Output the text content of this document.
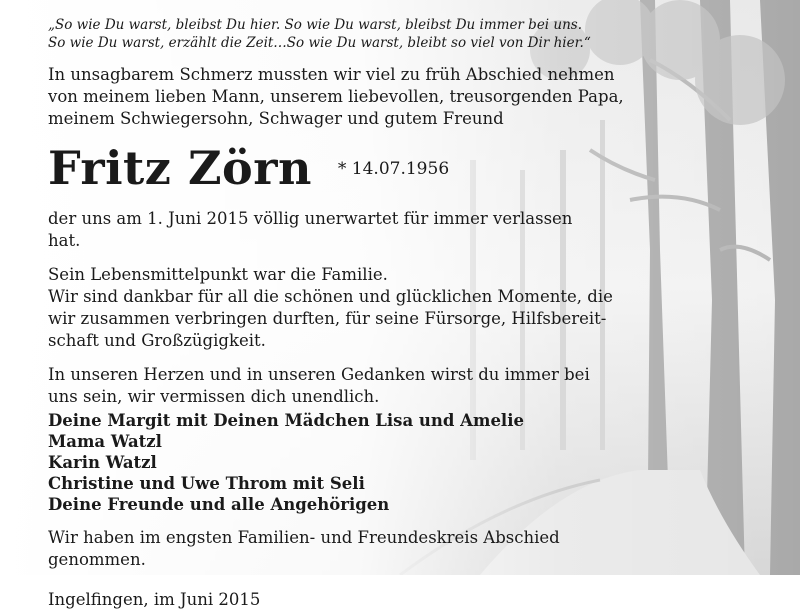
„So wie Du warst, bleibst Du hier. So wie Du warst, bleibst Du immer bei uns.
So wie Du warst, erzählt die Zeit…So wie Du warst, bleibt so viel von Dir hier.“

In unsagbarem Schmerz mussten wir viel zu früh Abschied nehmen
von meinem lieben Mann, unserem liebevollen, treusorgenden Papa,
meinem Schwiegersohn, Schwager und gutem Freund

Fritz Zörn * 14.07.1956

der uns am 1. Juni 2015 völlig unerwartet für immer verlassen hat.

Sein Lebensmittelpunkt war die Familie.
Wir sind dankbar für all die schönen und glücklichen Momente, die
wir zusammen verbringen durften, für seine Fürsorge, Hilfsbereit-
schaft und Großzügigkeit.

In unseren Herzen und in unseren Gedanken wirst du immer bei
uns sein, wir vermissen dich unendlich.

Deine Margit mit Deinen Mädchen Lisa und Amelie

Mama Watzl

Karin Watzl

Christine und Uwe Throm mit Seli

Deine Freunde und alle Angehörigen

Wir haben im engsten Familien- und Freundeskreis Abschied
genommen.

Ingelfingen, im Juni 2015
